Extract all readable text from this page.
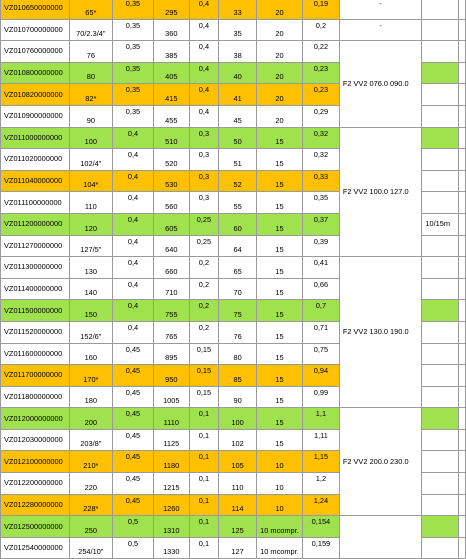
VZ010650000000	65*	0,35	295	0,4	33	20	0,19	-		
VZ010700000000	70/2.3/4"	0,35	360	0,4	35	20	0,2	-		
VZ010760000000	76	0,35	385	0,4	38	20	0,22	F2 VV2 076.0 090.0		
VZ010800000000	80	0,35	405	0,4	40	20	0,23			
VZ010820000000	82*	0,35	415	0,4	41	20	0,23			
VZ010900000000	90	0,35	455	0,4	45	20	0,29			
VZ011000000000	100	0,4	510	0,3	50	15	0,32	F2 VV2 100.0 127.0		
VZ011020000000	102/4"	0,4	520	0,3	51	15	0,32			
VZ011040000000	104*	0,4	530	0,3	52	15	0,33			
VZ011100000000	110	0,4	560	0,3	55	15	0,35			
VZ011200000000	120	0,4	605	0,25	60	15	0,37		10/15m	
VZ011270000000	127/5"	0,4	640	0,25	64	15	0,39			
VZ011300000000	130	0,4	660	0,2	65	15	0,41	F2 VV2 130.0 190.0		
VZ011400000000	140	0,4	710	0,2	70	15	0,66			
VZ011500000000	150	0,4	755	0,2	75	15	0,7			
VZ011520000000	152/6"	0,4	765	0,2	76	15	0,71			
VZ011600000000	160	0,45	895	0,15	80	15	0,75			
VZ011700000000	170*	0,45	950	0,15	85	15	0,94			
VZ011800000000	180	0,45	1005	0,15	90	15	0,99			
VZ012000000000	200	0,45	1110	0,1	100	15	1,1	F2 VV2 200.0 230.0		
VZ012030000000	203/8"	0,45	1125	0,1	102	15	1,11			
VZ012100000000	210*	0,45	1180	0,1	105	10	1,15			
VZ012200000000	220	0,45	1215	0,1	110	10	1,2			
VZ012280000000	228*	0,45	1260	0,1	114	10	1,24			
VZ012500000000	250	0,5	1310	0,1	125	10 mcompr.	0,154			
VZ012540000000	254/10"	0,5	1330	0,1	127	10 mcompr.	0,159			
